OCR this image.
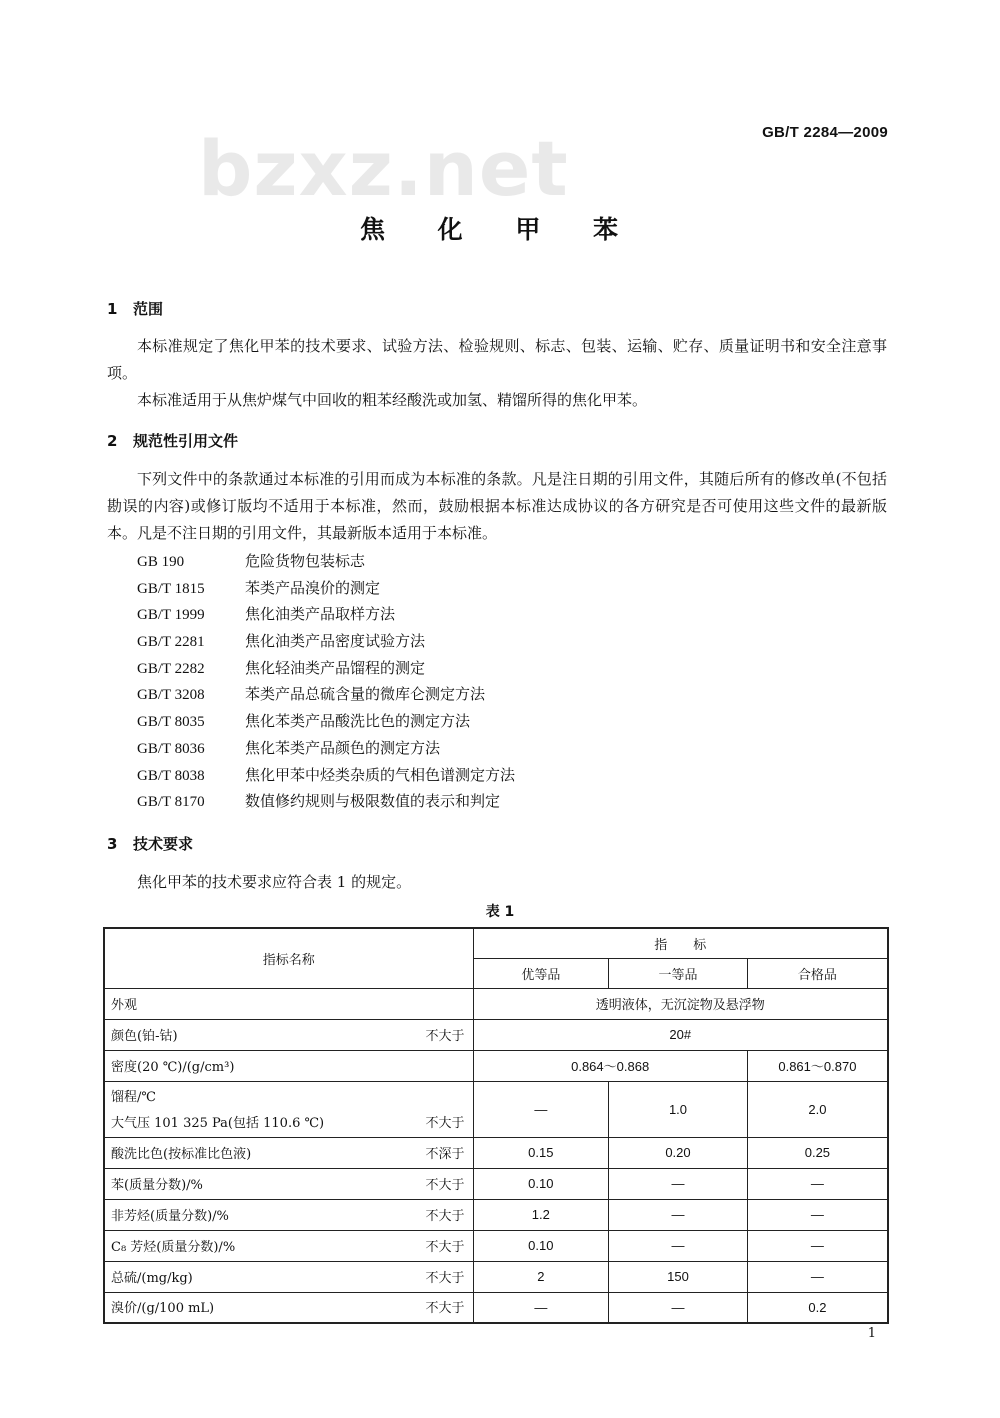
bzxz.net	GB/T 2284—2009
焦 化 甲 苯
1 范围
本标准规定了焦化甲苯的技术要求、试验方法、检验规则、标志、包装、运输、贮存、质量证明书和安全注意事项。
本标准适用于从焦炉煤气中回收的粗苯经酸洗或加氢、精馏所得的焦化甲苯。
2 规范性引用文件
下列文件中的条款通过本标准的引用而成为本标准的条款。凡是注日期的引用文件，其随后所有的修改单(不包括勘误的内容)或修订版均不适用于本标准，然而，鼓励根据本标准达成协议的各方研究是否可使用这些文件的最新版本。凡是不注日期的引用文件，其最新版本适用于本标准。
GB 190	危险货物包装标志
GB/T 1815	苯类产品溴价的测定
GB/T 1999	焦化油类产品取样方法
GB/T 2281	焦化油类产品密度试验方法
GB/T 2282	焦化轻油类产品馏程的测定
GB/T 3208	苯类产品总硫含量的微库仑测定方法
GB/T 8035	焦化苯类产品酸洗比色的测定方法
GB/T 8036	焦化苯类产品颜色的测定方法
GB/T 8038	焦化甲苯中烃类杂质的气相色谱测定方法
GB/T 8170	数值修约规则与极限数值的表示和判定
3 技术要求
焦化甲苯的技术要求应符合表 1 的规定。
表 1
指标名称	指　　标		
	优等品	一等品	合格品
外观	透明液体，无沉淀物及悬浮物		

颜色(铂-钴) 不大于	20#		
密度(20 ℃)/(g/cm³)	0.864～0.868		0.861～0.870

馏程/℃
大气压 101 325 Pa(包括 110.6 ℃) 不大于	—	1.0	2.0

酸洗比色(按标准比色液) 不深于	0.15	0.20	0.25

苯(质量分数)/% 不大于	0.10	—	—

非芳烃(质量分数)/% 不大于	1.2	—	—

C₈ 芳烃(质量分数)/% 不大于	0.10	—	—

总硫/(mg/kg) 不大于	2	150	—

溴价/(g/100 mL) 不大于	—	—	0.2
1
